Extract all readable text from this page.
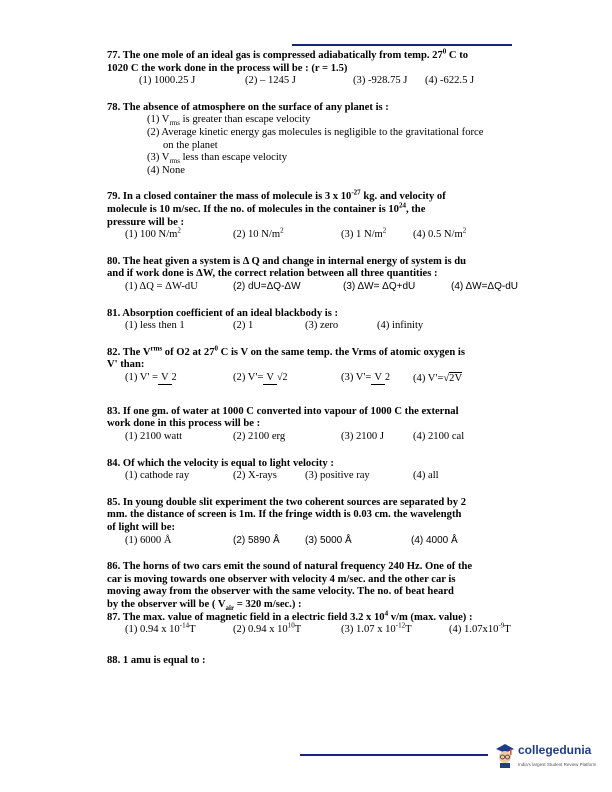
77. The one mole of an ideal gas is compressed adiabatically from temp. $27^0$ C to
1020 C the work done in the process will be : (r = 1.5)
(1) 1000.25 J	(2) – 1245 J	(3) -928.75 J	(4) -622.5 J
78. The absence of atmosphere on the surface of any planet is :
(1) $V_{rms}$ is greater than escape velocity
(2) Average kinetic energy gas molecules is negligible to the gravitational force
on the planet
(3) $V_{rms}$ less than escape velocity
(4) None
79. In a closed container the mass of molecule is 3 x $10^{-27}$ kg. and velocity of
molecule is 10 m/sec. If the no. of molecules in the container is $10^{24}$, the
pressure will be :
(1) 100 $N/m^2$	(2) 10 $N/m^2$	(3) 1 $N/m^2$	(4) 0.5 $N/m^2$
80. The heat given a system is Δ Q and change in internal energy of system is du
and if work done is ΔW, the correct relation between all three quantities :
(1) ΔQ = ΔW-dU	(2) dU=ΔQ-ΔW	(3) ΔW= ΔQ+dU	(4) ΔW=ΔQ-dU
81. Absorption coefficient of an ideal blackbody is :
(1) less then 1	(2) 1	(3) zero	(4) infinity
82. The $V^{rms}$ of O2 at $27^0$ C is V on the same temp. the Vrms of atomic oxygen is
V' than:
(1) V' =V 2	(2) V'=V √2	(3) V'=V 2	(4) V'=√2V
83. If one gm. of water at 1000 C converted into vapour of 1000 C the external
work done in this process will be :
(1) 2100 watt	(2) 2100 erg	(3) 2100 J	(4) 2100 cal
84. Of which the velocity is equal to light velocity :
(1) cathode ray	(2) X-rays	(3) positive ray	(4) all
85. In young double slit experiment the two coherent sources are separated by 2
mm. the distance of screen is 1m. If the fringe width is 0.03 cm. the wavelength
of light will be:
(1) 6000 Å	(2) 5890 Å	(3) 5000 Å	(4) 4000 Å
86. The horns of two cars emit the sound of natural frequency 240 Hz. One of the
car is moving towards one observer with velocity 4 m/sec. and the other car is
moving away from the observer with the same velocity. The no. of beat heard
by the observer will be ( $V_{air} = 320$ m/sec.) :
87. The max. value of magnetic field in a electric field 3.2 x $10^4$ v/m (max. value) :
(1) 0.94 x $10^{-14}T$	(2) 0.94 x $10^{10}T$	(3) 1.07 x $10^{-12}T$	(4) $1.07x10^{-9}T$
88. 1 amu is equal to :
collegedunia
India's largest Student Review Platform
